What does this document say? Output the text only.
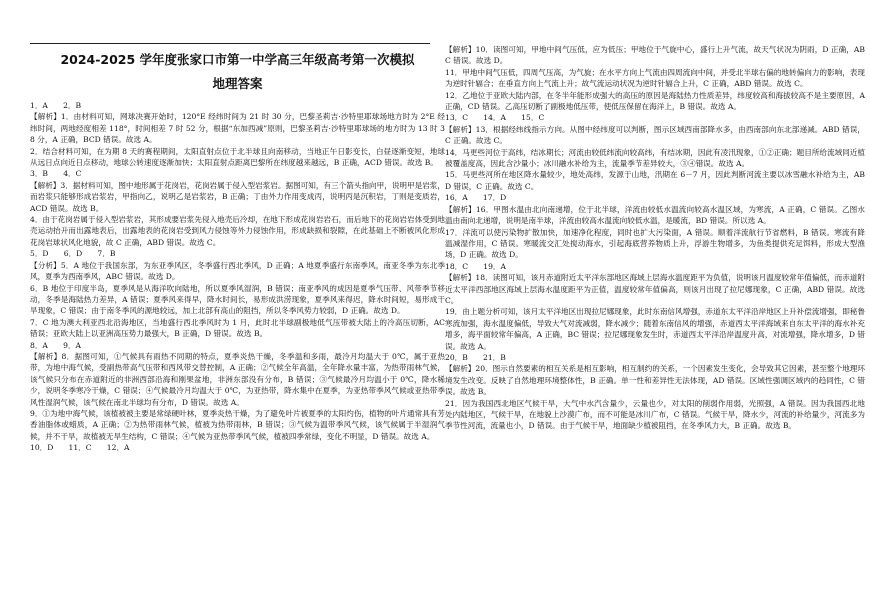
2024-2025 学年度张家口市第一中学高三年级高考第一次模拟

地理答案

1．A　　2．B

【解析】1．由材料可知，网球决赛开始时，120°E 经纬时间为 21 时 30 分，巴黎圣莉吉·沙特里耶球场地方时为 2°E 经纬时间，两地经度相差 118°，时间相差 7 时 52 分，根据“东加西减”原则，巴黎圣莉吉·沙特里耶球场的地方时为 13 时 38 分，A 正确，BCD 错误。故选 A。

2．结合材料可知，在为期 8 天的赛程期间，太阳直射点位于北半球且向南移动，当地正午日影变长，白昼逐渐变短，地球从远日点向近日点移动，地球公转速度逐渐加快；太阳直射点距离巴黎所在纬度越来越远，B 正确，ACD 错误。故选 B。

3．B　　4．C

【解析】3．据材料可知，图中地形属于花岗岩，花岗岩属于侵入型岩浆岩。据图可知，有三个箭头指向甲，说明甲是岩浆，而岩浆只能够形成岩浆岩，甲指向乙，说明乙是岩浆岩，B 正确；丁由外力作用变成丙，说明丙是沉积岩，丁则是变质岩，ACD 错误。故选 B。

4．由于花岗岩属于侵入型岩浆岩，其形成要岩浆先侵入地壳后冷却，在地下形成花岗岩岩石，而后地下的花岗岩岩体受到地壳运动抬升而出露地表后，出露地表的花岗岩受到风力侵蚀等外力侵蚀作用，形成缺损和裂隙，在此基础上不断被风化形成花岗岩球状风化地貌，故 C 正确，ABD 错误。故选 C。

5．D　　6．D　　7．B

【分析】5．A 地位于我国东部，为东亚季风区，冬季盛行西北季风，D 正确；A 地夏季盛行东南季风，南亚冬季为东北季风，夏季为西南季风，ABC 错误。故选 D。

6．B 地位于印度半岛，夏季风是从海洋吹向陆地，所以夏季风湿润，B 错误；南亚季风的成因是夏季气压带、风带季节移动，冬季是海陆热力差异，A 错误；夏季风来得早，降水时间长，易形成洪涝现象，夏季风来得迟，降水时间短，易形成干旱现象，C 错误；由于南冬季风的源地较远，加上北部有高山的阻挡，所以冬季风势力较弱，D 正确。故选 D。

7．C 地为澳大利亚西北沿海地区，当地盛行西北季风时为 1 月，此时北半球副极地低气压带被大陆上的冷高压切断，AC 错误；亚欧大陆上以亚洲高压势力最强大，B 正确，D 错误。故选 B。

8．A　　9．A

【解析】8．据图可知，①气候具有雨热不同期的特点，夏季炎热干燥，冬季温和多雨，最冷月均温大于 0℃，属于亚热带，为地中海气候，受副热带高气压带和西风带交替控制，A 正确；②气候全年高温，全年降水量丰富，为热带雨林气候，该气候只分布在赤道附近的非洲西部沿海和刚果盆地，非洲东部没有分布，B 错误；③气候最冷月均温小于 0℃，降水稀少，说明冬季寒冷干燥，C 错误；④气候最冷月均温大于 0℃，为亚热带，降水集中在夏季，为亚热带季风气候或亚热带季风性湿润气候，该气候在南北半球均有分布，D 错误。故选 A。

9．①为地中海气候，该植被被主要是常绿硬叶林，夏季炎热干燥，为了避免叶片被夏季的太阳灼伤，植物的叶片通常具有芳香油脂体或蜡质，A 正确；②为热带雨林气候，植被为热带雨林，B 错误；③气候为温带季风气候，该气候属于半湿润气候，并不干旱，故植被无旱生结构，C 错误；④气候为亚热带季风气候，植被四季常绿，变化不明显，D 错误。故选 A。

10．D　　11．C　　12．A

【解析】10．读图可知，甲地中间气压低，应为低压；甲地位于气旋中心，盛行上升气流，故天气状况为阴雨，D 正确，ABC 错误。故选 D。

11．甲地中间气压低，四周气压高，为气旋；在水平方向上气流由四周流向中间，并受北半球右偏的地转偏向力的影响，表现为逆时针辐合；在垂直方向上气流上升；故气流运动状况为逆时针辐合上升，C 正确，ABD 错误。故选 C。

12．乙地位于亚欧大陆内部，在冬半年能形成强大的高压的原因是海陆热力性质差异，纬度较高和海拔较高不是主要原因，A 正确，CD 错误。乙高压切断了副极地低压带，使低压保留在海洋上，B 错误。故选 A。

13．C　　14．A　　15．C

【解析】13．根据经纬线指示方向。从图中经纬度可以判断，图示区域西南部降水多，由西南部向东北部递减。ABD 错误，C 正确。故选 C。

14．马更些河位于高纬，结冰期长；河流由较低纬流向较高纬，有结冰期，因此有凌汛现象，①②正确；题目所给流域同近植被覆盖度高，因此含沙量小；冰川融水补给为主，流量季节差异较大，③④错误。故选 A。

15．马更些河所在地区降水量较少，地处高纬，发源于山地，汛期在 6－7 月，因此判断河流主要以冰雪融水补给为主，ABD 错误，C 正确。故选 C。

16．A　　17．D

【解析】16．甲图水温由北向南递增，位于北半球，洋流由较低水温流向较高水温区域，为寒流，A 正确，C 错误。乙图水温由南向北递增，说明是南半球，洋流由较高水温流向较低水温，是暖流，BD 错误。所以选 A。

17．洋流可以使污染物扩散加快，加速净化程度，同时也扩大污染面，A 错误。顺着洋流航行节省燃料，B 错误。寒流有降温减湿作用，C 错误。寒暖流交汇处搅动海水，引起海底营养物质上升，浮游生物增多，为鱼类提供充足饵料，形成大型渔场，D 正确。故选 D。

18．C　　19．A

【解析】18．读图可知，该月赤道附近太平洋东部地区海域上层海水温度距平为负值，说明该月温度较常年值偏低，而赤道附近太平洋西部地区海域上层海水温度距平为正值，温度较常年值偏高，则该月出现了拉尼娜现象，C 正确，ABD 错误。故选 C。

19．由上题分析可知，该月太平洋地区出现拉尼娜现象，此时东南信风增强，赤道东太平洋沿岸地区上升补偿流增强，即秘鲁寒流加强，海水温度偏低，导致大气对流减弱，降水减少；随着东南信风的增强，赤道西太平洋海域来自东太平洋的海水补充增多，海平面较常年偏高，A 正确，BC 错误；拉尼娜现象发生时，赤道西太平洋沿岸温度升高，对流增强，降水增多，D 错误。故选 A。

20．B　　21．B

【解析】20．图示自然要素的相互关系是相互影响，相互制约的关系，一个因素发生变化，会导致其它因素，甚至整个地理环境发生改变。反映了自然地理环境整体性，B 正确。单一性和差异性无法体现，AD 错误。区域性强调区域内的趋同性，C 错误。故选 B。

21．因为我国西北地区气候干旱，大气中水汽含量少，云量也少，对太阳的削弱作用弱，光照强，A 错误。因为我国西北地处内陆地区，气候干旱，在地貌上沙漠广布，而不可能是冰川广布，C 错误。气候干旱，降水少，河流的补给量少，河流多为季节性河流，流量也小，D 错误。由于气候干旱，地面缺少植被阻挡，在冬季风力大，B 正确。故选 B。
